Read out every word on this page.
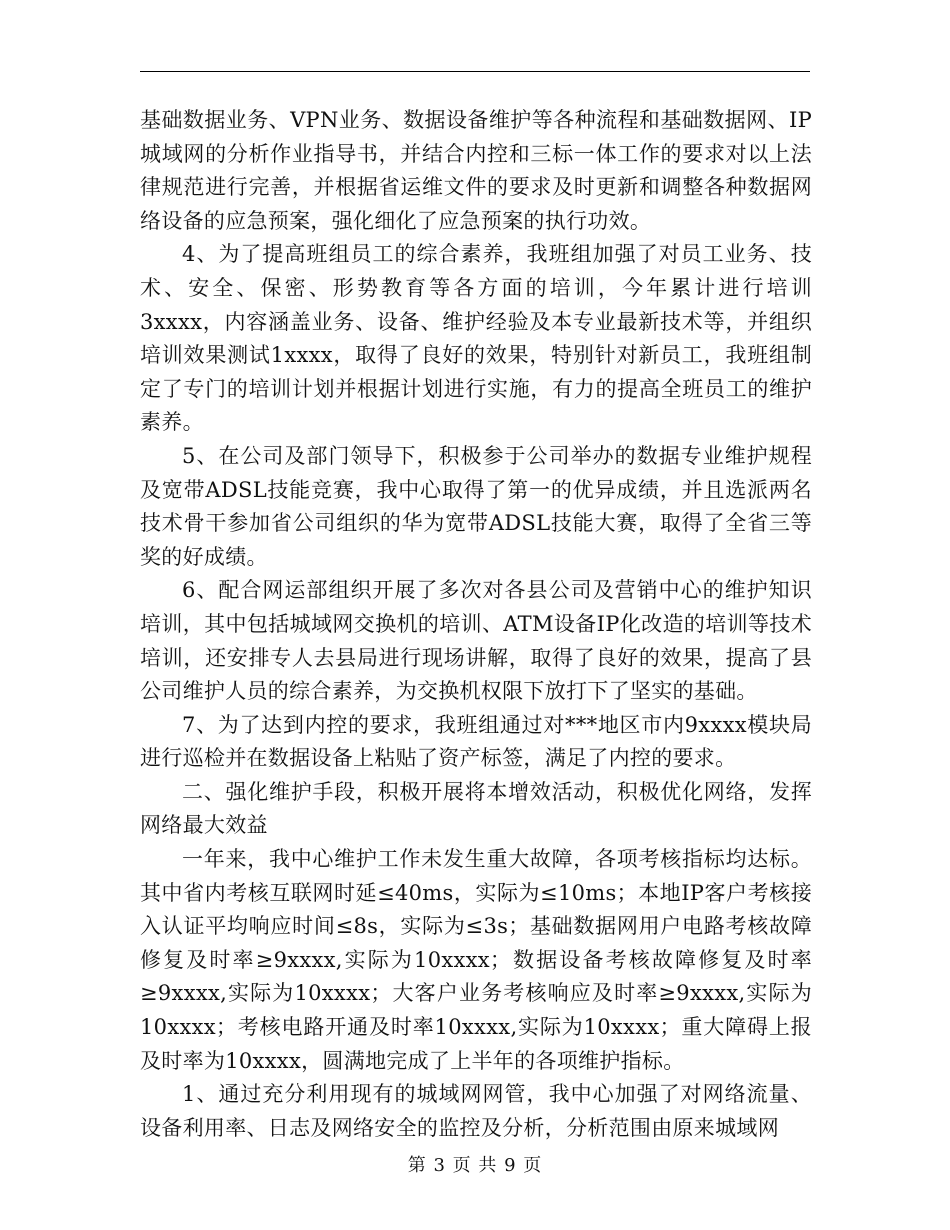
基础数据业务、VPN业务、数据设备维护等各种流程和基础数据网、IP城域网的分析作业指导书，并结合内控和三标一体工作的要求对以上法律规范进行完善，并根据省运维文件的要求及时更新和调整各种数据网络设备的应急预案，强化细化了应急预案的执行功效。

4、为了提高班组员工的综合素养，我班组加强了对员工业务、技术、安全、保密、形势教育等各方面的培训，今年累计进行培训3xxxx，内容涵盖业务、设备、维护经验及本专业最新技术等，并组织培训效果测试1xxxx，取得了良好的效果，特别针对新员工，我班组制定了专门的培训计划并根据计划进行实施，有力的提高全班员工的维护素养。

5、在公司及部门领导下，积极参于公司举办的数据专业维护规程及宽带ADSL技能竞赛，我中心取得了第一的优异成绩，并且选派两名技术骨干参加省公司组织的华为宽带ADSL技能大赛，取得了全省三等奖的好成绩。

6、配合网运部组织开展了多次对各县公司及营销中心的维护知识培训，其中包括城域网交换机的培训、ATM设备IP化改造的培训等技术培训，还安排专人去县局进行现场讲解，取得了良好的效果，提高了县公司维护人员的综合素养，为交换机权限下放打下了坚实的基础。

7、为了达到内控的要求，我班组通过对***地区市内9xxxx模块局进行巡检并在数据设备上粘贴了资产标签，满足了内控的要求。

二、强化维护手段，积极开展将本增效活动，积极优化网络，发挥网络最大效益

一年来，我中心维护工作未发生重大故障，各项考核指标均达标。其中省内考核互联网时延≤40ms，实际为≤10ms；本地IP客户考核接入认证平均响应时间≤8s，实际为≤3s；基础数据网用户电路考核故障修复及时率≥9xxxx,实际为10xxxx；数据设备考核故障修复及时率≥9xxxx,实际为10xxxx；大客户业务考核响应及时率≥9xxxx,实际为10xxxx；考核电路开通及时率10xxxx,实际为10xxxx；重大障碍上报及时率为10xxxx，圆满地完成了上半年的各项维护指标。

1、通过充分利用现有的城域网网管，我中心加强了对网络流量、设备利用率、日志及网络安全的监控及分析，分析范围由原来城域网

第 3 页 共 9 页
